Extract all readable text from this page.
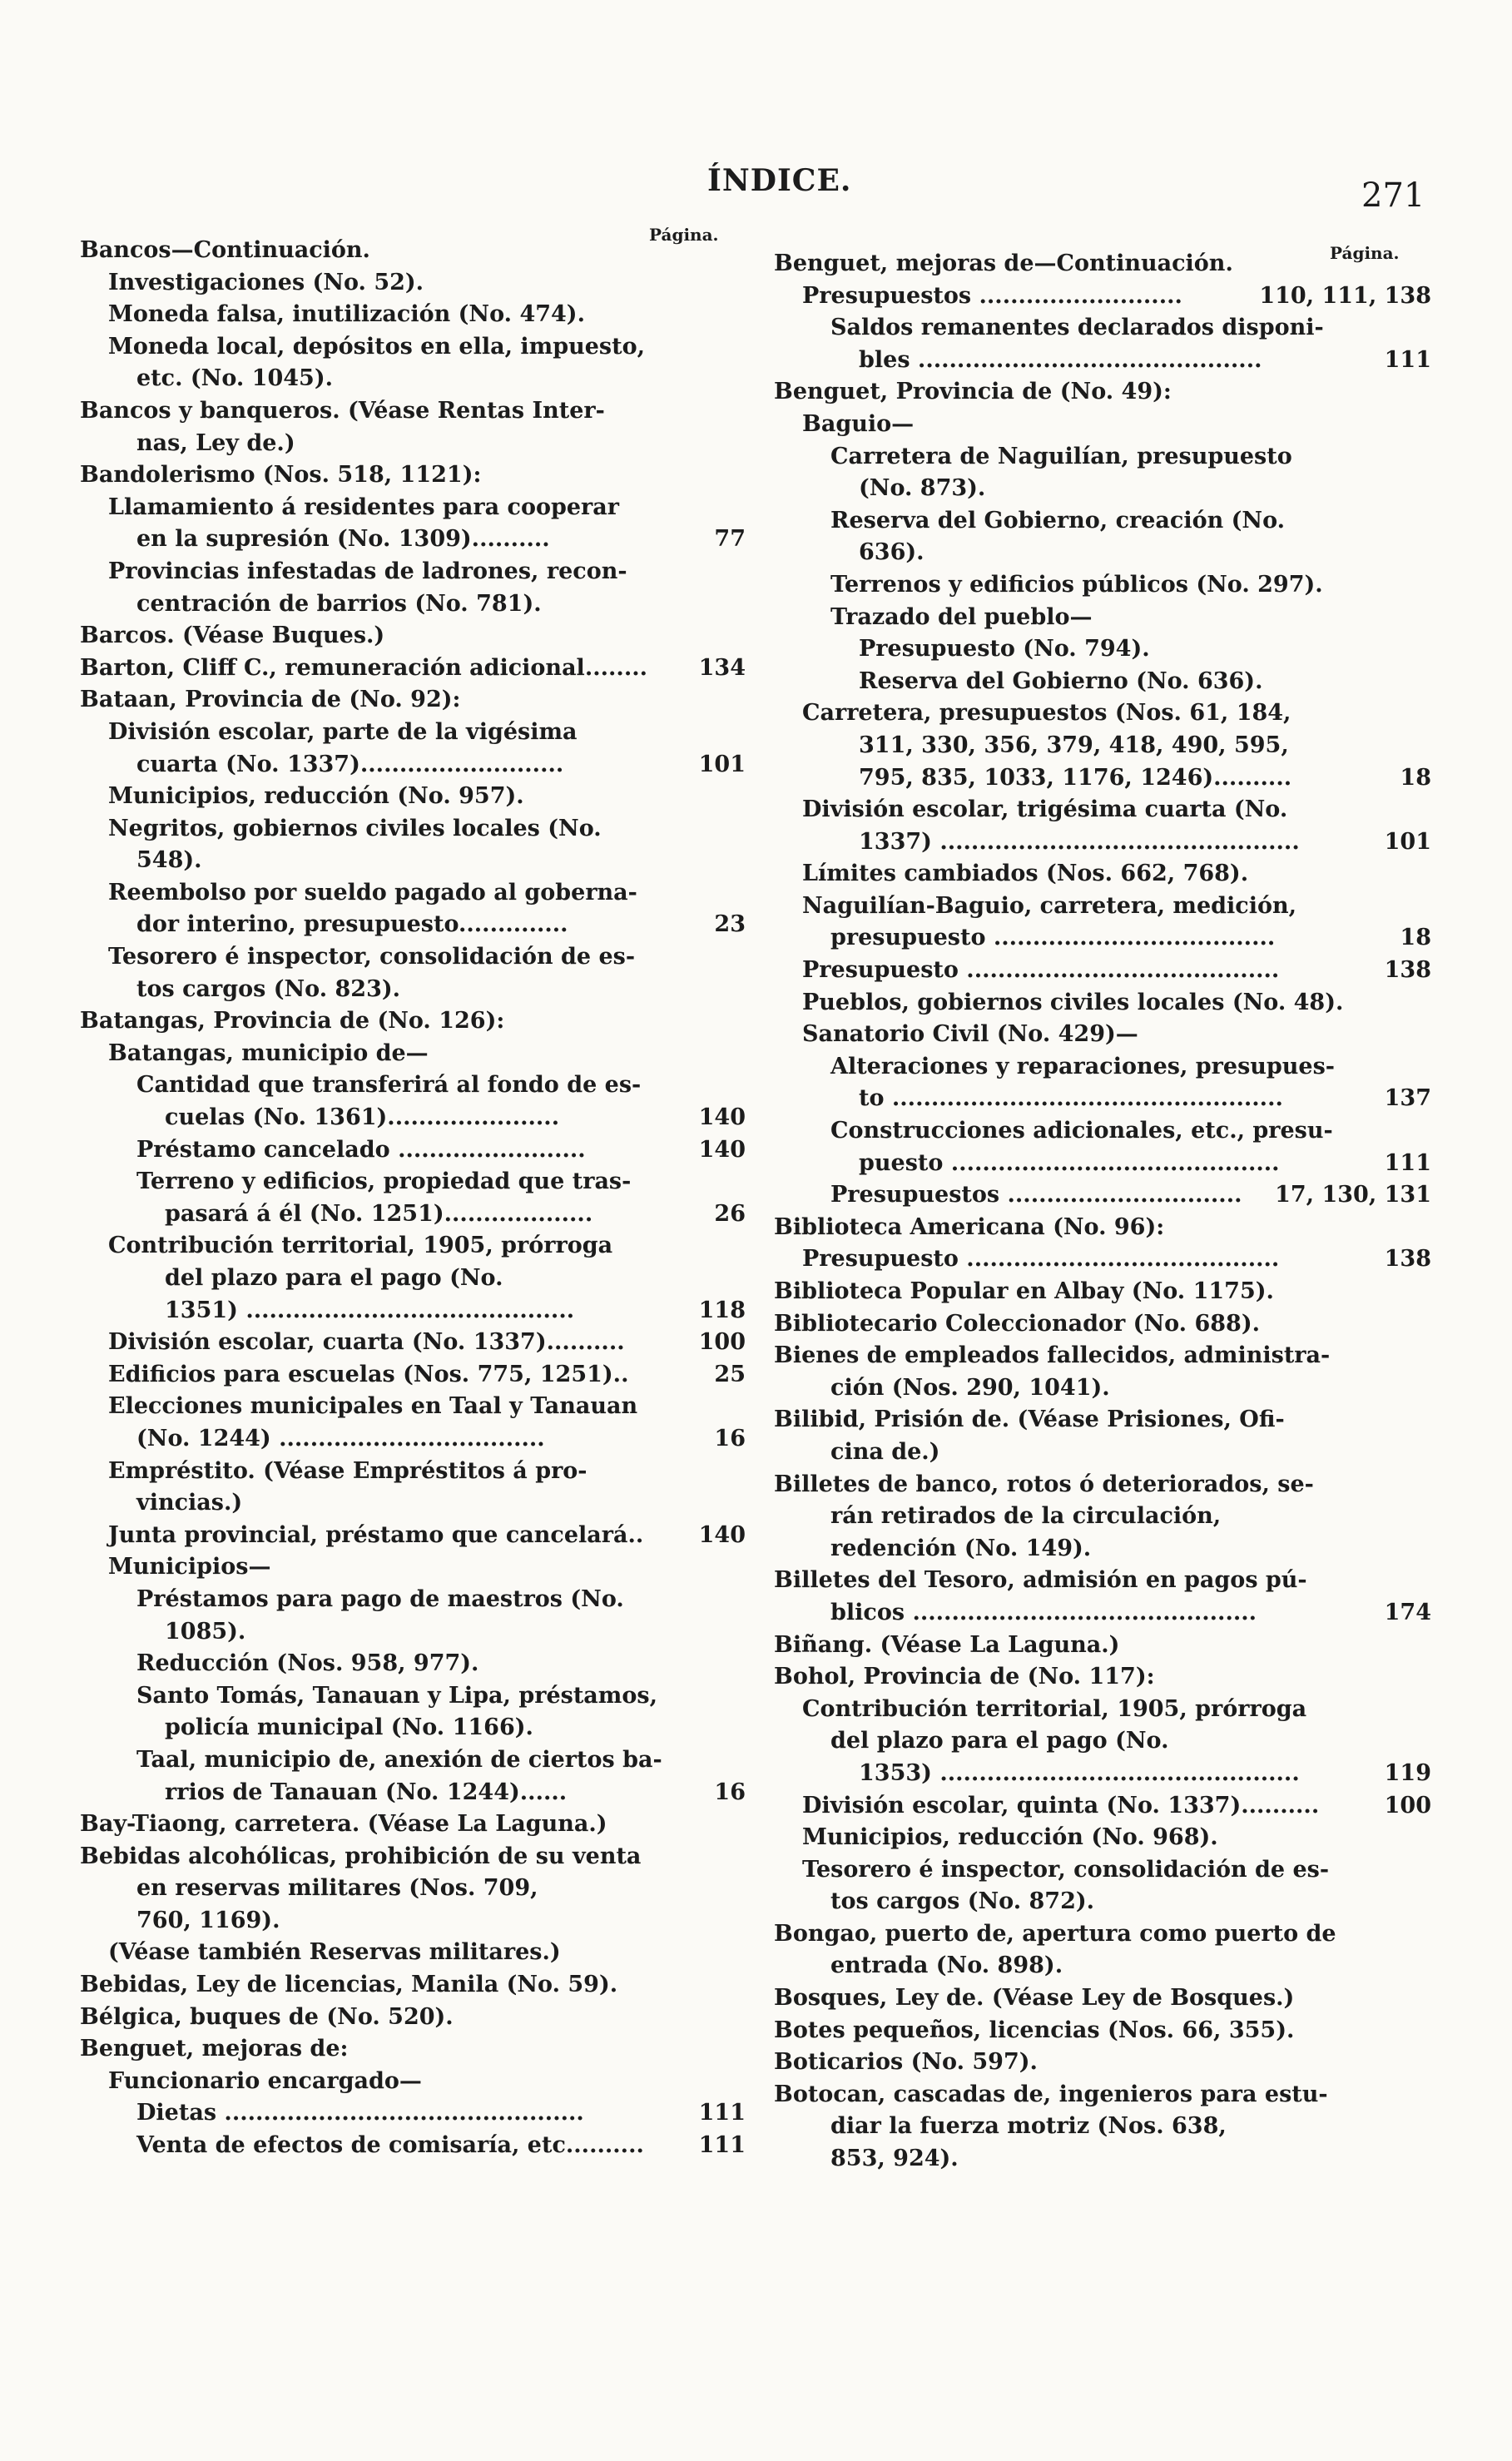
ÍNDICE.	271
Página.
Página.
Bancos—Continuación.
Investigaciones (No. 52).
Moneda falsa, inutilización (No. 474).
Moneda local, depósitos en ella, impuesto,
etc. (No. 1045).
Bancos y banqueros. (Véase Rentas Inter-
nas, Ley de.)
Bandolerismo (Nos. 518, 1121):
Llamamiento á residentes para cooperar
en la supresión (No. 1309)..........	77
Provincias infestadas de ladrones, recon-
centración de barrios (No. 781).
Barcos. (Véase Buques.)
Barton, Cliff C., remuneración adicional........ 134
Bataan, Provincia de (No. 92):
División escolar, parte de la vigésima
cuarta (No. 1337)..........................	101
Municipios, reducción (No. 957).
Negritos, gobiernos civiles locales (No.
548).
Reembolso por sueldo pagado al goberna-
dor interino, presupuesto..............	23
Tesorero é inspector, consolidación de es-
tos cargos (No. 823).
Batangas, Provincia de (No. 126):
Batangas, municipio de—
Cantidad que transferirá al fondo de es-
cuelas (No. 1361)......................	140
Préstamo cancelado ........................	140
Terreno y edificios, propiedad que tras-
pasará á él (No. 1251)...................	26
Contribución territorial, 1905, prórroga
del plazo para el pago (No.
1351) ..........................................	118
División escolar, cuarta (No. 1337)..........	100
Edificios para escuelas (Nos. 775, 1251)..	25
Elecciones municipales en Taal y Tanauan
(No. 1244) ..................................	16
Empréstito. (Véase Empréstitos á pro-
vincias.)
Junta provincial, préstamo que cancelará.. 140
Municipios—
Préstamos para pago de maestros (No.
1085).
Reducción (Nos. 958, 977).
Santo Tomás, Tanauan y Lipa, préstamos,
policía municipal (No. 1166).
Taal, municipio de, anexión de ciertos ba-
rrios de Tanauan (No. 1244)......	16
Bay-Tiaong, carretera. (Véase La Laguna.)
Bebidas alcohólicas, prohibición de su venta
en reservas militares (Nos. 709,
760, 1169).
(Véase también Reservas militares.)
Bebidas, Ley de licencias, Manila (No. 59).
Bélgica, buques de (No. 520).
Benguet, mejoras de:
Funcionario encargado—
Dietas ..............................................	111
Venta de efectos de comisaría, etc.......... 111
Benguet, mejoras de—Continuación.
Presupuestos ..........................	110, 111, 138
Saldos remanentes declarados disponi-
bles ............................................	111
Benguet, Provincia de (No. 49):
Baguio—
Carretera de Naguilían, presupuesto
(No. 873).
Reserva del Gobierno, creación (No.
636).
Terrenos y edificios públicos (No. 297).
Trazado del pueblo—
Presupuesto (No. 794).
Reserva del Gobierno (No. 636).
Carretera, presupuestos (Nos. 61, 184,
311, 330, 356, 379, 418, 490, 595,
795, 835, 1033, 1176, 1246)..........	18
División escolar, trigésima cuarta (No.
1337) ..............................................	101
Límites cambiados (Nos. 662, 768).
Naguilían-Baguio, carretera, medición,
presupuesto ....................................	18
Presupuesto ........................................	138
Pueblos, gobiernos civiles locales (No. 48).
Sanatorio Civil (No. 429)—
Alteraciones y reparaciones, presupues-
to ..................................................	137
Construcciones adicionales, etc., presu-
puesto ..........................................	111
Presupuestos .............................. 17, 130, 131
Biblioteca Americana (No. 96):
Presupuesto ........................................	138
Biblioteca Popular en Albay (No. 1175).
Bibliotecario Coleccionador (No. 688).
Bienes de empleados fallecidos, administra-
ción (Nos. 290, 1041).
Bilibid, Prisión de. (Véase Prisiones, Ofi-
cina de.)
Billetes de banco, rotos ó deteriorados, se-
rán retirados de la circulación,
redención (No. 149).
Billetes del Tesoro, admisión en pagos pú-
blicos ............................................	174
Biñang. (Véase La Laguna.)
Bohol, Provincia de (No. 117):
Contribución territorial, 1905, prórroga
del plazo para el pago (No.
1353) ..............................................	119
División escolar, quinta (No. 1337)..........	100
Municipios, reducción (No. 968).
Tesorero é inspector, consolidación de es-
tos cargos (No. 872).
Bongao, puerto de, apertura como puerto de
entrada (No. 898).
Bosques, Ley de. (Véase Ley de Bosques.)
Botes pequeños, licencias (Nos. 66, 355).
Boticarios (No. 597).
Botocan, cascadas de, ingenieros para estu-
diar la fuerza motriz (Nos. 638,
853, 924).
